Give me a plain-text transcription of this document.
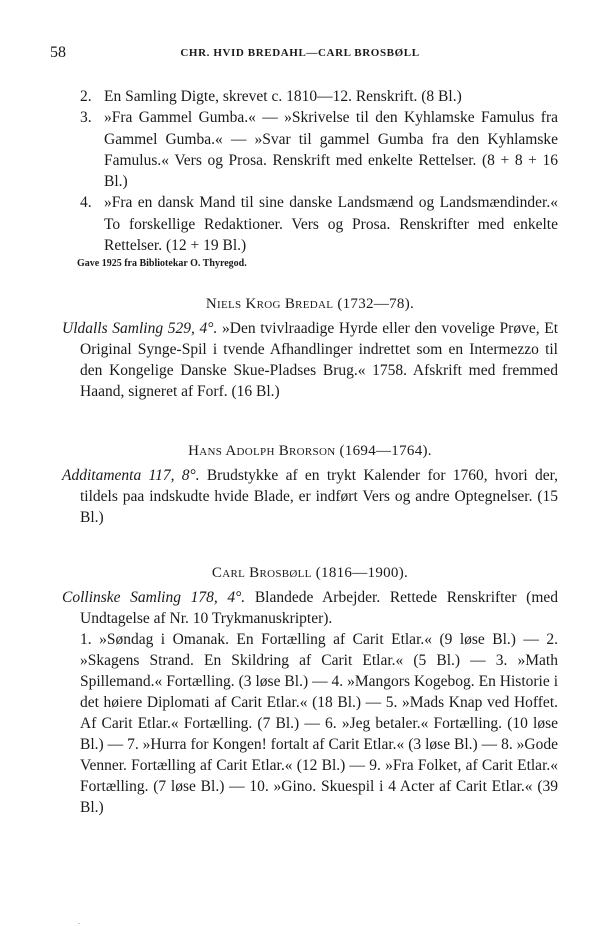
58	CHR. HVID BREDAHL—CARL BROSBØLL
2. En Samling Digte, skrevet c. 1810—12. Renskrift. (8 Bl.)
3. »Fra Gammel Gumba.« — »Skrivelse til den Kyhlamske Famulus fra Gammel Gumba.« — »Svar til gammel Gumba fra den Kyhlamske Famulus.« Vers og Prosa. Renskrift med enkelte Rettelser. (8 + 8 + 16 Bl.)
4. »Fra en dansk Mand til sine danske Landsmænd og Landsmændinder.« To forskellige Redaktioner. Vers og Prosa. Renskrifter med enkelte Rettelser. (12 + 19 Bl.)
Gave 1925 fra Bibliotekar O. Thyregod.
Niels Krog Bredal (1732—78).
Uldalls Samling 529, 4°. »Den tvivlraadige Hyrde eller den vovelige Prøve, Et Original Synge-Spil i tvende Afhandlinger indrettet som en Intermezzo til den Kongelige Danske Skue-Pladses Brug.« 1758. Afskrift med fremmed Haand, signeret af Forf. (16 Bl.)
Hans Adolph Brorson (1694—1764).
Additamenta 117, 8°. Brudstykke af en trykt Kalender for 1760, hvori der, tildels paa indskudte hvide Blade, er indført Vers og andre Optegnelser. (15 Bl.)
Carl Brosbøll (1816—1900).
Collinske Samling 178, 4°. Blandede Arbejder. Rettede Renskrifter (med Undtagelse af Nr. 10 Trykmanuskripter).
1. »Søndag i Omanak. En Fortælling af Carit Etlar.« (9 løse Bl.) — 2. »Skagens Strand. En Skildring af Carit Etlar.« (5 Bl.) — 3. »Math Spillemand.« Fortælling. (3 løse Bl.) — 4. »Mangors Kogebog. En Historie i det høiere Diplomati af Carit Etlar.« (18 Bl.) — 5. »Mads Knap ved Hoffet. Af Carit Etlar.« Fortælling. (7 Bl.) — 6. »Jeg betaler.« Fortælling. (10 løse Bl.) — 7. »Hurra for Kongen! fortalt af Carit Etlar.« (3 løse Bl.) — 8. »Gode Venner. Fortælling af Carit Etlar.« (12 Bl.) — 9. »Fra Folket, af Carit Etlar.« Fortælling. (7 løse Bl.) — 10. »Gino. Skuespil i 4 Acter af Carit Etlar.« (39 Bl.)
.
